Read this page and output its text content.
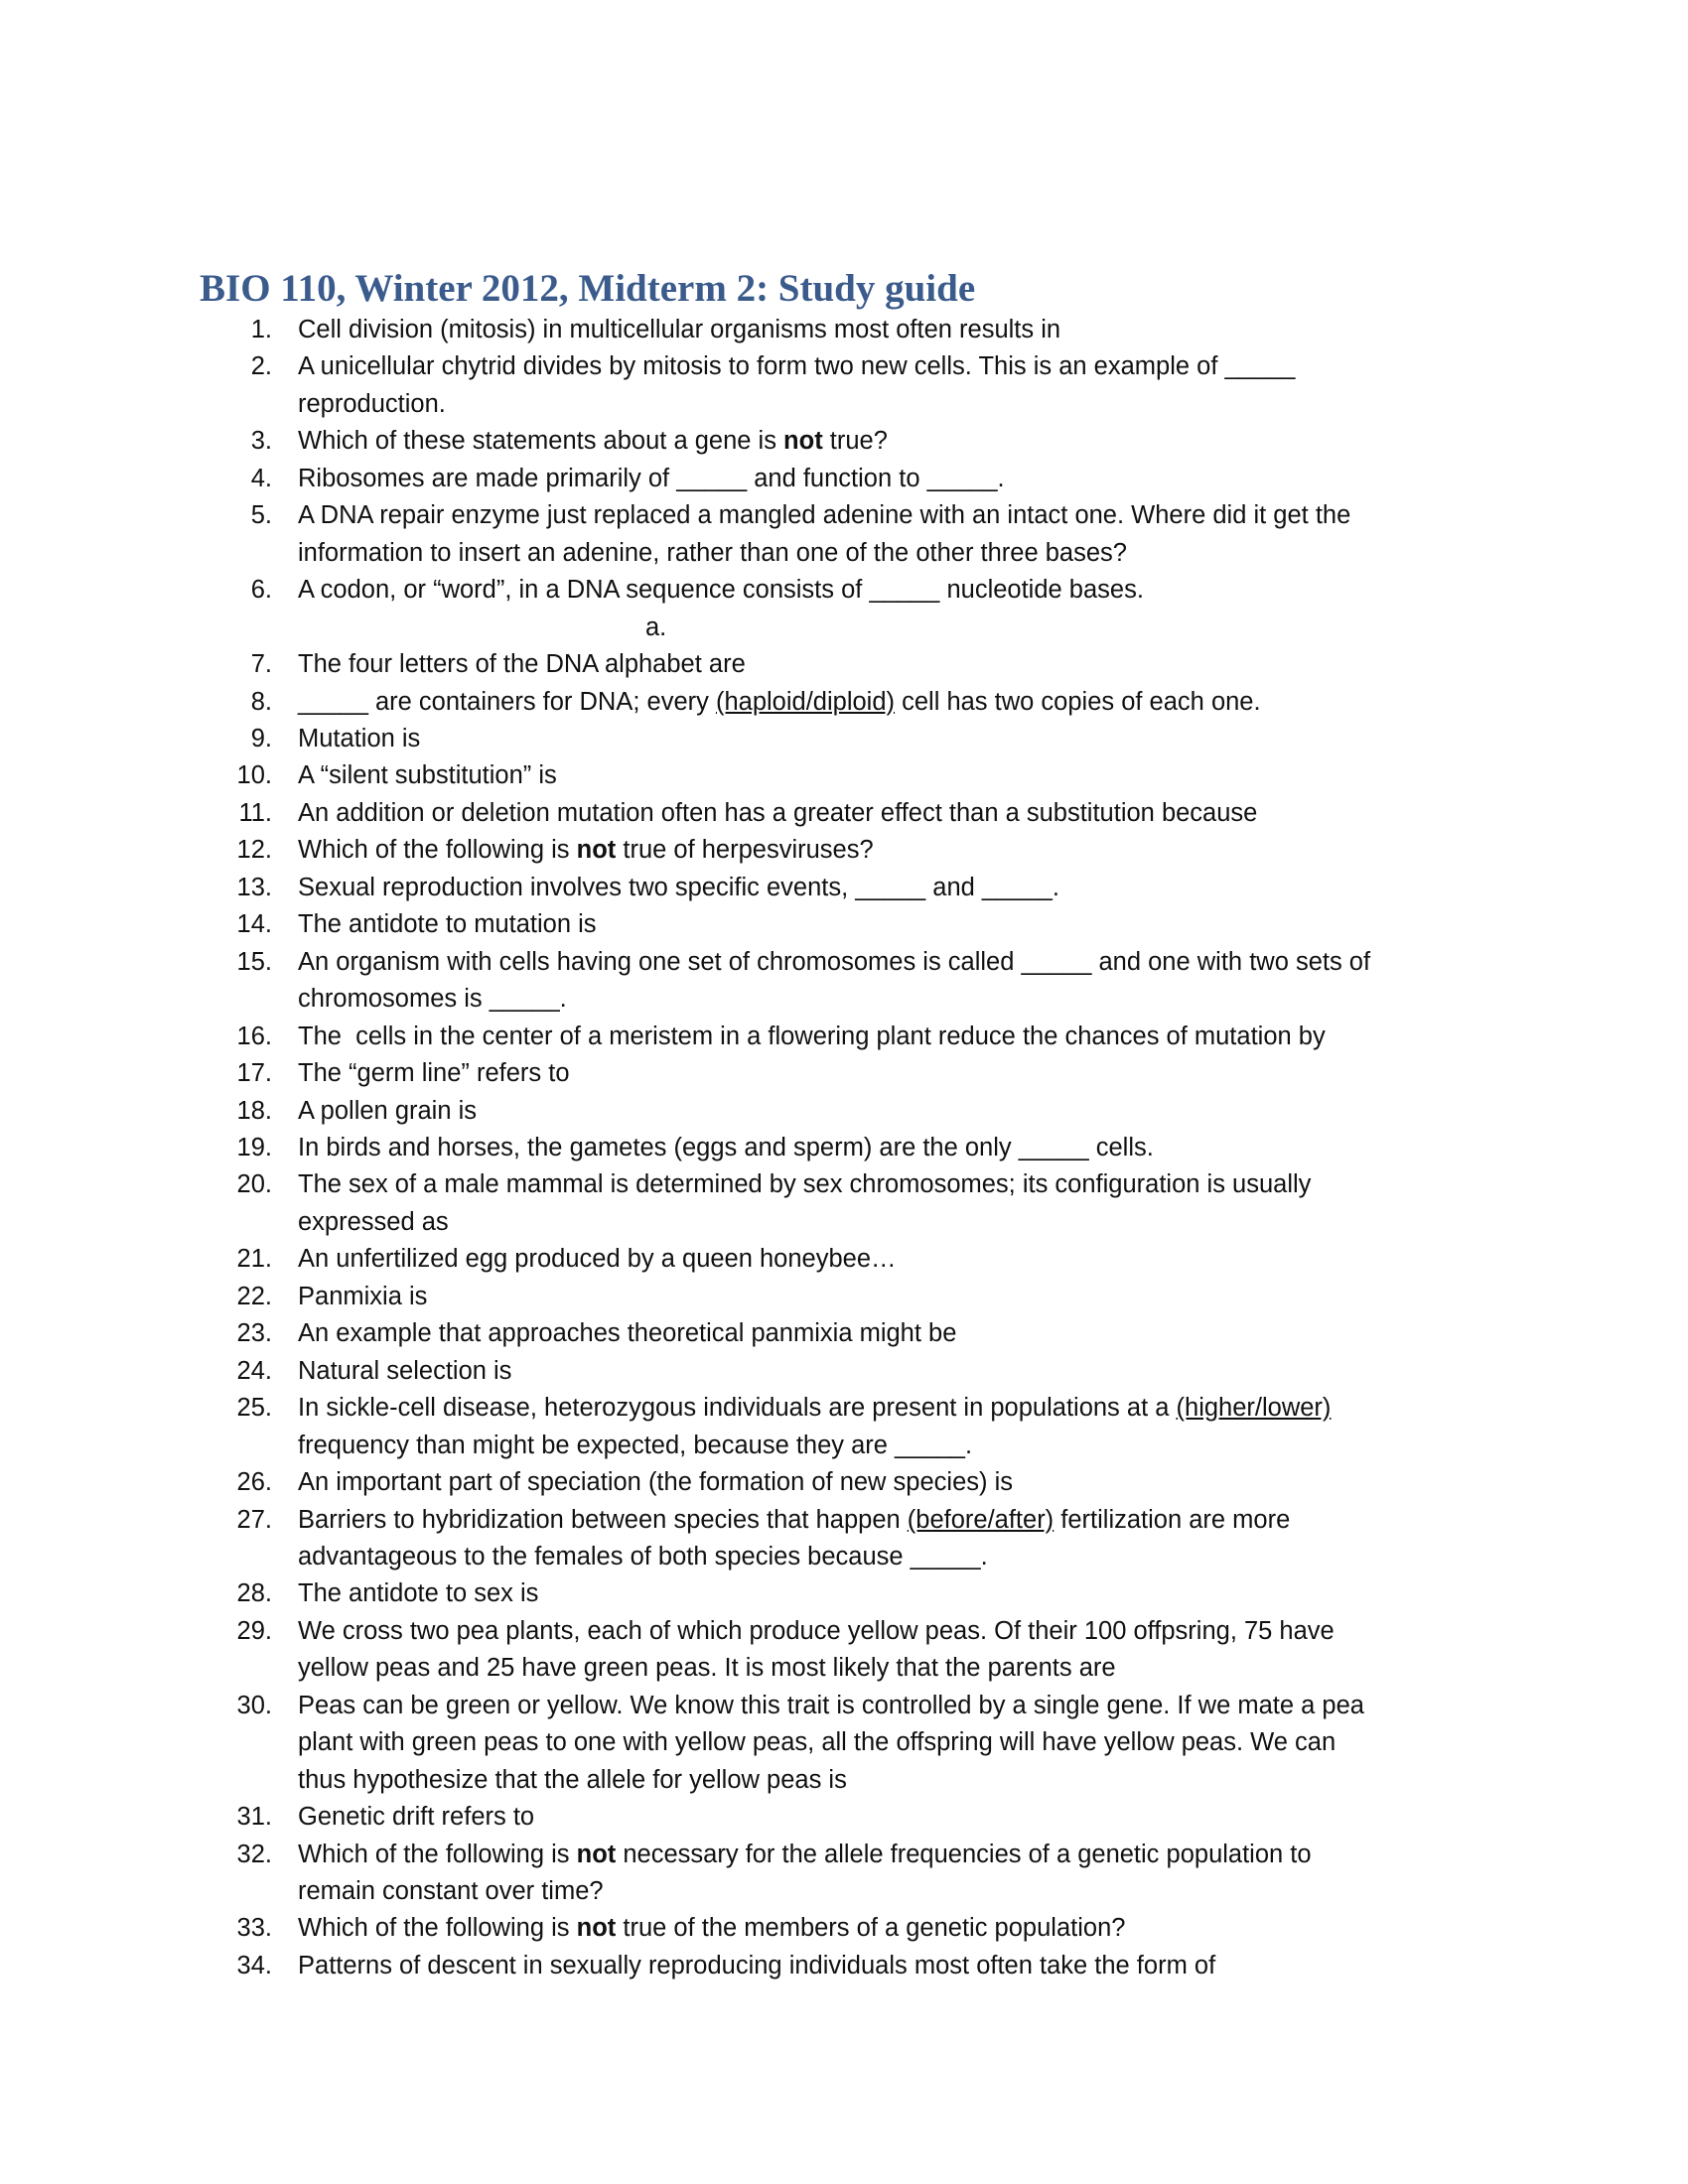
BIO 110, Winter 2012, Midterm 2: Study guide
1. Cell division (mitosis) in multicellular organisms most often results in
2. A unicellular chytrid divides by mitosis to form two new cells. This is an example of _____
reproduction.
3. Which of these statements about a gene is not true?
4. Ribosomes are made primarily of _____ and function to _____.
5. A DNA repair enzyme just replaced a mangled adenine with an intact one. Where did it get the
information to insert an adenine, rather than one of the other three bases?
6. A codon, or “word”, in a DNA sequence consists of _____ nucleotide bases.
a.
7. The four letters of the DNA alphabet are
8. _____ are containers for DNA; every (haploid/diploid) cell has two copies of each one.
9. Mutation is
10. A “silent substitution” is
11. An addition or deletion mutation often has a greater effect than a substitution because
12. Which of the following is not true of herpesviruses?
13. Sexual reproduction involves two specific events, _____ and _____.
14. The antidote to mutation is
15. An organism with cells having one set of chromosomes is called _____ and one with two sets of
chromosomes is _____.
16. The  cells in the center of a meristem in a flowering plant reduce the chances of mutation by
17. The “germ line” refers to
18. A pollen grain is
19. In birds and horses, the gametes (eggs and sperm) are the only _____ cells.
20. The sex of a male mammal is determined by sex chromosomes; its configuration is usually
expressed as
21. An unfertilized egg produced by a queen honeybee…
22. Panmixia is
23. An example that approaches theoretical panmixia might be
24. Natural selection is
25. In sickle-cell disease, heterozygous individuals are present in populations at a (higher/lower)
frequency than might be expected, because they are _____.
26. An important part of speciation (the formation of new species) is
27. Barriers to hybridization between species that happen (before/after) fertilization are more
advantageous to the females of both species because _____.
28. The antidote to sex is
29. We cross two pea plants, each of which produce yellow peas. Of their 100 offpsring, 75 have
yellow peas and 25 have green peas. It is most likely that the parents are
30. Peas can be green or yellow. We know this trait is controlled by a single gene. If we mate a pea
plant with green peas to one with yellow peas, all the offspring will have yellow peas. We can
thus hypothesize that the allele for yellow peas is
31. Genetic drift refers to
32. Which of the following is not necessary for the allele frequencies of a genetic population to
remain constant over time?
33. Which of the following is not true of the members of a genetic population?
34. Patterns of descent in sexually reproducing individuals most often take the form of
